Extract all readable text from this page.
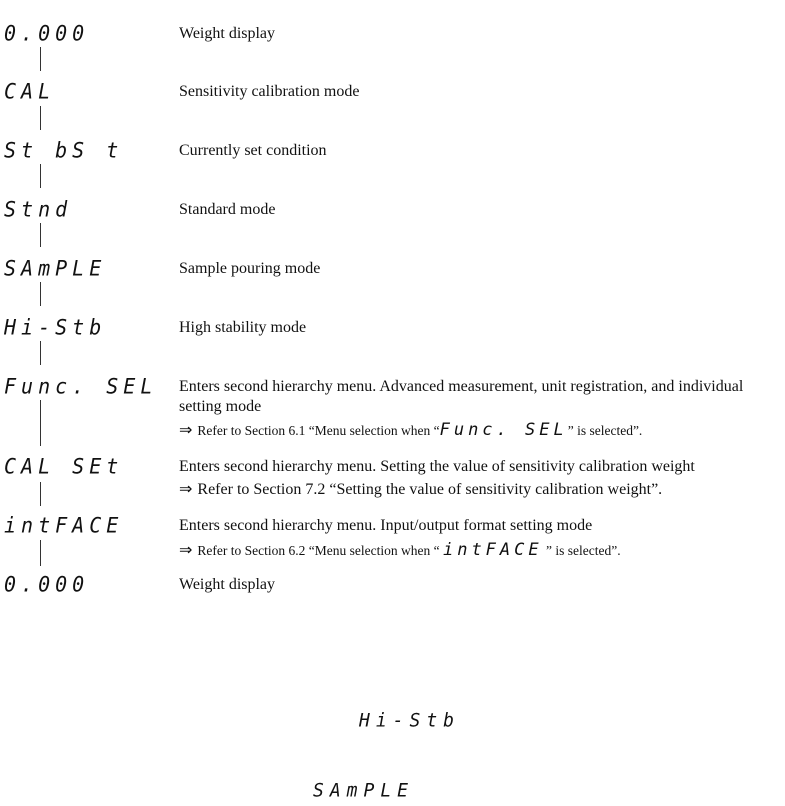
0.000
CAL
St bS t
Stnd
SAmPLE
Hi-Stb
Func. SEL
CAL SEt
intFACE
0.000
Weight display
Sensitivity calibration mode
Currently set condition
Standard mode
Sample pouring mode
High stability mode
Enters second hierarchy menu. Advanced measurement, unit registration, and individual setting mode
⇒ Refer to Section 6.1 “Menu selection when “Func. SEL” is selected”.
Enters second hierarchy menu. Setting the value of sensitivity calibration weight
⇒ Refer to Section 7.2 “Setting the value of sensitivity calibration weight”.
Enters second hierarchy menu. Input/output format setting mode
⇒ Refer to Section 6.2 “Menu selection when “ intFACE ” is selected”.
Weight display
Hi-Stb
SAmPLE
